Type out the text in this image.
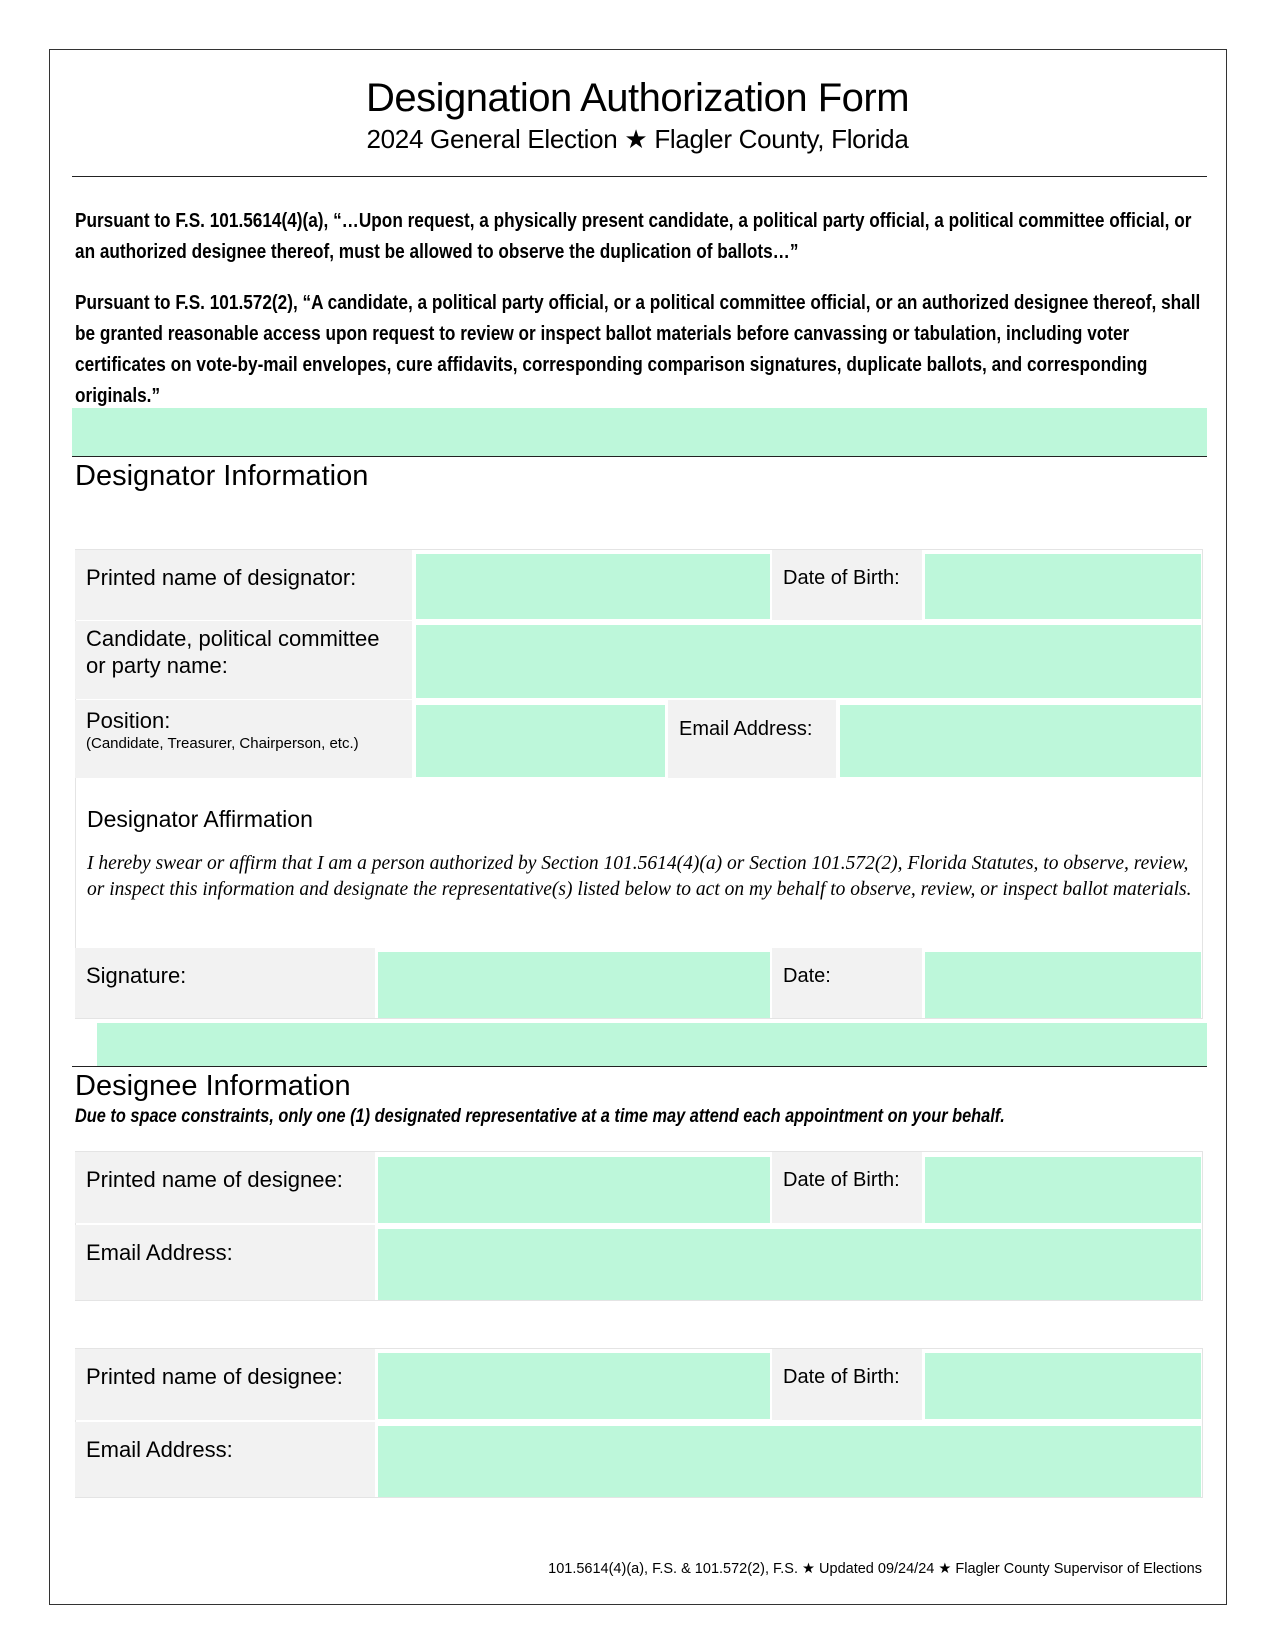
Designation Authorization Form
2024 General Election ★ Flagler County, Florida
Pursuant to F.S. 101.5614(4)(a), “…Upon request, a physically present candidate, a political party official, a political committee official, or an authorized designee thereof, must be allowed to observe the duplication of ballots…”
Pursuant to F.S. 101.572(2), “A candidate, a political party official, or a political committee official, or an authorized designee thereof, shall be granted reasonable access upon request to review or inspect ballot materials before canvassing or tabulation, including voter certificates on vote-by-mail envelopes, cure affidavits, corresponding comparison signatures, duplicate ballots, and corresponding originals.”
Designator Information
Printed name of designator:	Date of Birth:
Candidate, political committee or party name:
Position:
(Candidate, Treasurer, Chairperson, etc.)
Email Address:
Designator Affirmation
I hereby swear or affirm that I am a person authorized by Section 101.5614(4)(a) or Section 101.572(2), Florida Statutes, to observe, review, or inspect this information and designate the representative(s) listed below to act on my behalf to observe, review, or inspect ballot materials.
Signature:	Date:
Designee Information
Due to space constraints, only one (1) designated representative at a time may attend each appointment on your behalf.
Printed name of designee:	Date of Birth:
Email Address:
Printed name of designee:	Date of Birth:
Email Address:
101.5614(4)(a), F.S. & 101.572(2), F.S. ★ Updated 09/24/24 ★ Flagler County Supervisor of Elections
